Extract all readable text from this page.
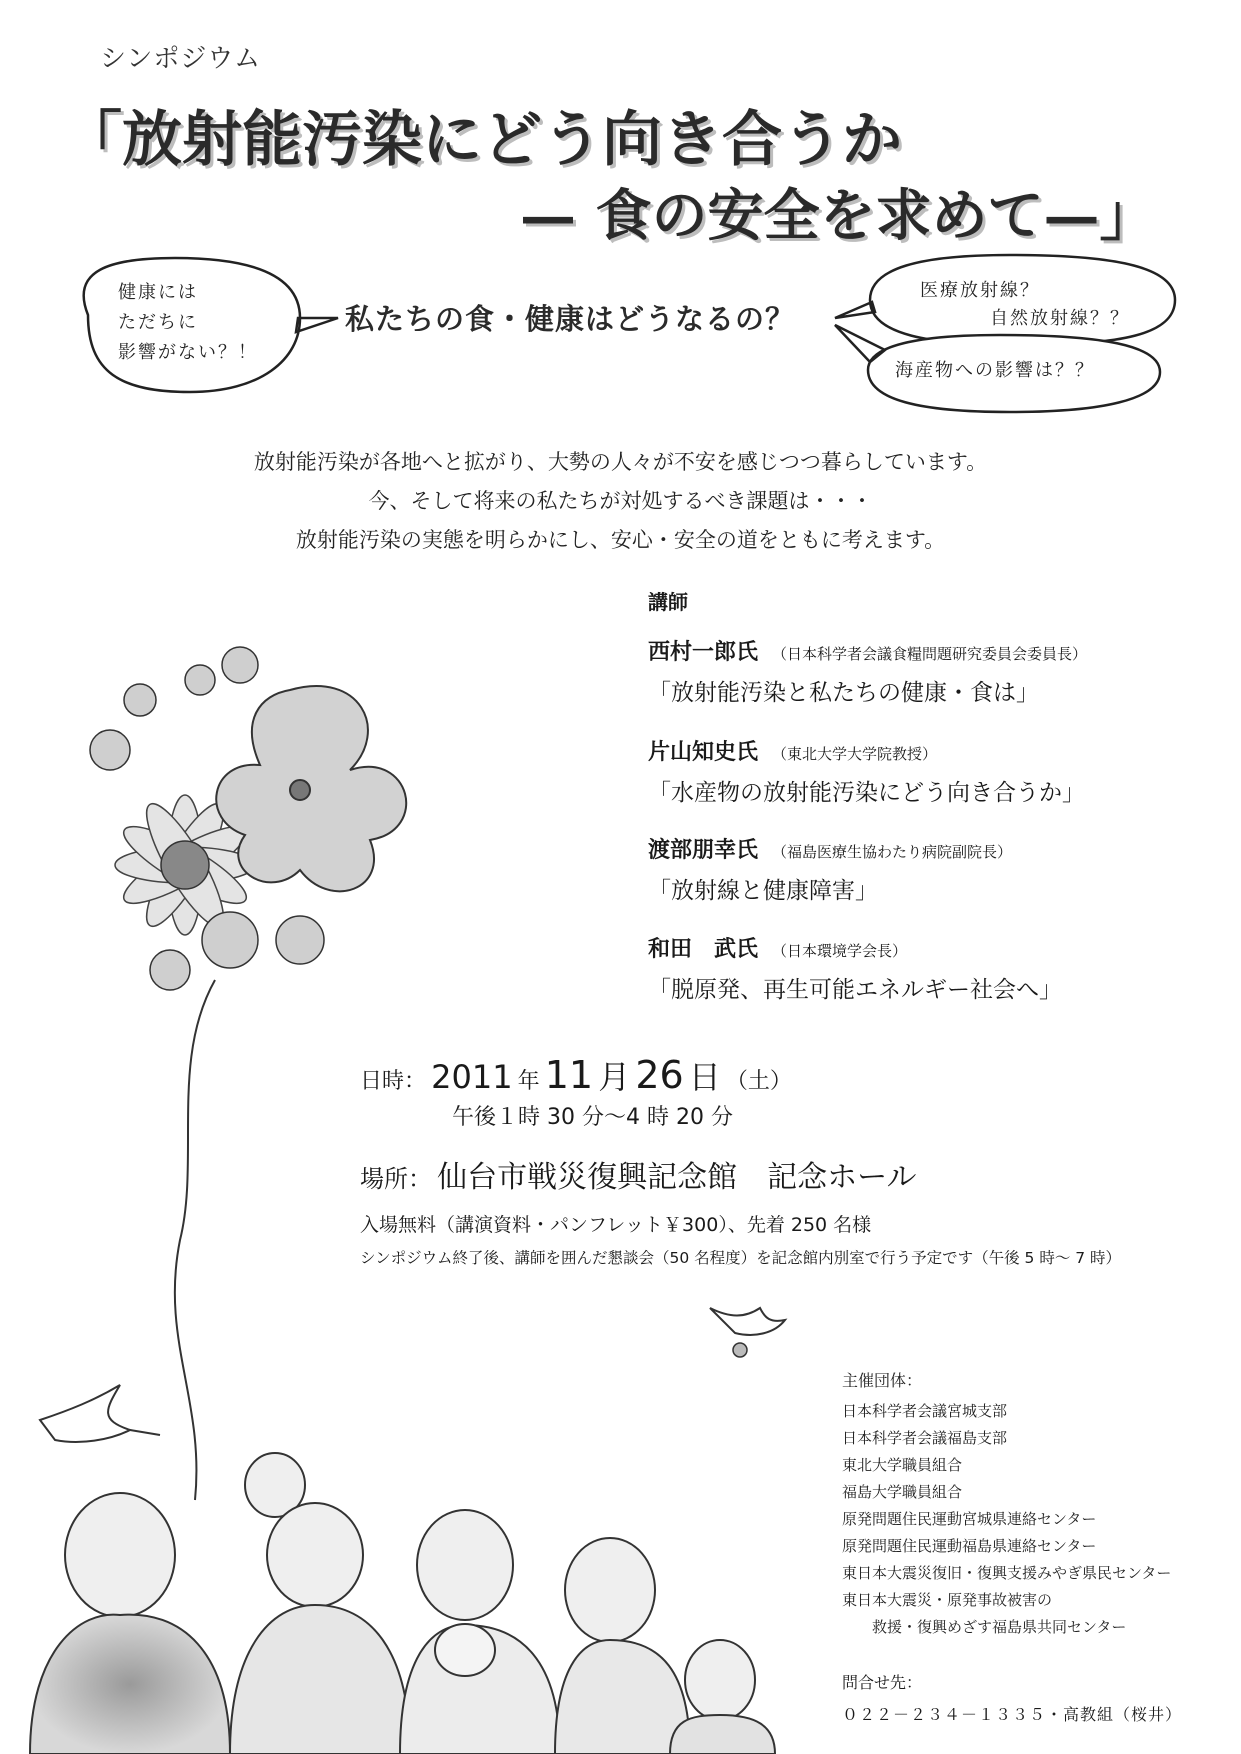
シンポジウム
「放射能汚染にどう向き合うか
— 食の安全を求めて—」
健康には
ただちに
影響がない？！
私たちの食・健康はどうなるの？
医療放射線？
自然放射線？？
海産物への影響は？？
放射能汚染が各地へと拡がり、大勢の人々が不安を感じつつ暮らしています。
今、そして将来の私たちが対処するべき課題は・・・
放射能汚染の実態を明らかにし、安心・安全の道をともに考えます。
講師
西村一郎氏 （日本科学者会議食糧問題研究委員会委員長）
「放射能汚染と私たちの健康・食は」
片山知史氏 （東北大学大学院教授）
「水産物の放射能汚染にどう向き合うか」
渡部朋幸氏 （福島医療生協わたり病院副院長）
「放射線と健康障害」
和田　武氏 （日本環境学会長）
「脱原発、再生可能エネルギー社会へ」
日時： 2011 年 11 月 26 日 （土）
午後１時 30 分～4 時 20 分
場所： 仙台市戦災復興記念館　記念ホール
入場無料（講演資料・パンフレット￥300）、先着 250 名様
シンポジウム終了後、講師を囲んだ懇談会（50 名程度）を記念館内別室で行う予定です（午後 5 時～ 7 時）
主催団体：
日本科学者会議宮城支部
日本科学者会議福島支部
東北大学職員組合
福島大学職員組合
原発問題住民運動宮城県連絡センター
原発問題住民運動福島県連絡センター
東日本大震災復旧・復興支援みやぎ県民センター
東日本大震災・原発事故被害の
　　救援・復興めざす福島県共同センター
問合せ先：
０２２－２３４－１３３５・高教組（桜井）
